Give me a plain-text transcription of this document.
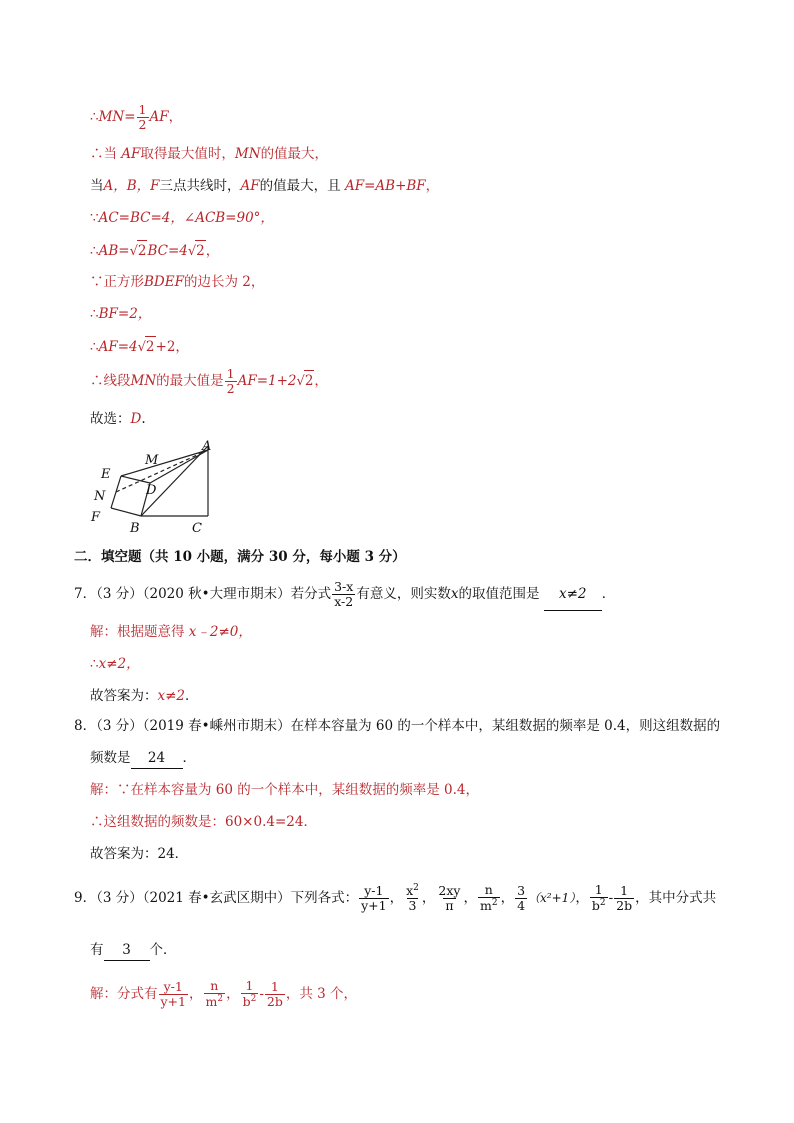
∴MN= $\frac{1}{2}$ AF，
∴当 AF取得最大值时，MN的值最大，
当A，B，F三点共线时，AF的值最大，且 AF=AB+BF，
∵AC=BC=4，∠ACB=90°，
∴AB=√2BC=4√2，
∵正方形BDEF的边长为 2，
∴BF=2，
∴AF=4√2+2，
∴线段MN的最大值是 $\frac{1}{2} AF=1+2√2$，
故选：D.
A
M
E
N	D
F
B	C
二．填空题（共 10 小题，满分 30 分，每小题 3 分）
7．（3 分）（2020 秋•大理市期末）若分式 $\frac{3-x}{x-2}$ 有意义，则实数x的取值范围是 x≠2 ．
解：根据题意得 x﹣2≠0，
∴x≠2，
故答案为：x≠2．
8．（3 分）（2019 春•嵊州市期末）在样本容量为 60 的一个样本中，某组数据的频率是 0.4，则这组数据的
频数是 24 ．
解：∵在样本容量为 60 的一个样本中，某组数据的频率是 0.4，
∴这组数据的频数是：60×0.4=24．
故答案为：24．
9．（3 分）（2021 春•玄武区期中）下列各式： $\frac{y-1}{y+1}$ ， $\frac{x^2}{3}$ ， $\frac{2xy}{\pi}$ ， $\frac{n}{m^2}$ ， $\frac{3}{4} (x^2+1)$， $\frac{1}{b^2} - \frac{1}{2b}$ ，其中分式共
有 3 个．
解：分式有 $\frac{y-1}{y+1}$ ， $\frac{n}{m^2}$ ， $\frac{1}{b^2} - \frac{1}{2b}$ ，共 3 个，
